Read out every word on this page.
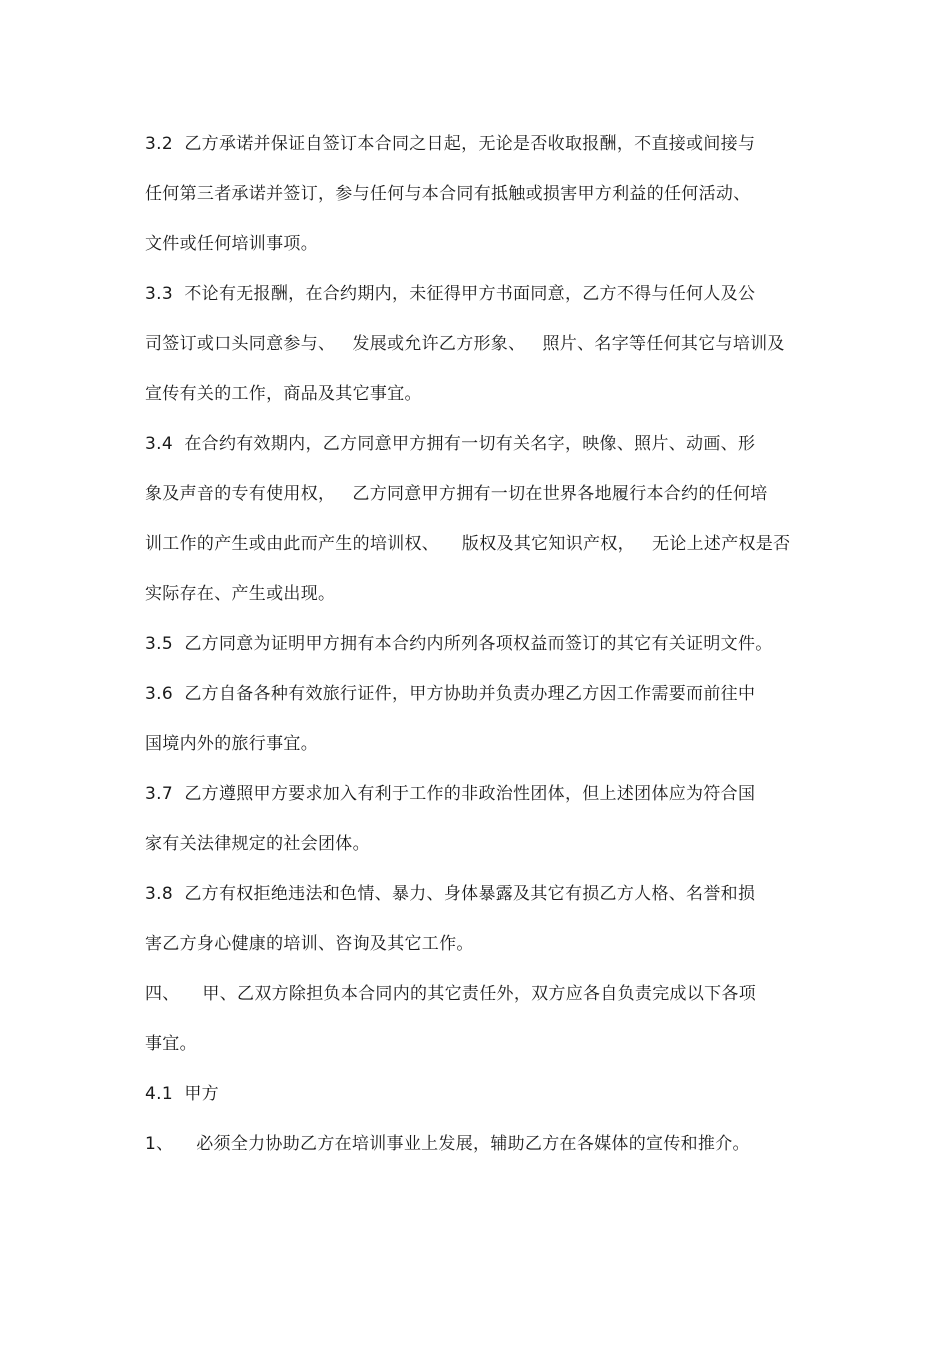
3.2  乙方承诺并保证自签订本合同之日起，无论是否收取报酬，不直接或间接与
任何第三者承诺并签订，参与任何与本合同有抵触或损害甲方利益的任何活动、
文件或任何培训事项。
3.3  不论有无报酬，在合约期内，未征得甲方书面同意，乙方不得与任何人及公
司签订或口头同意参与、   发展或允许乙方形象、   照片、名字等任何其它与培训及
宣传有关的工作，商品及其它事宜。
3.4  在合约有效期内，乙方同意甲方拥有一切有关名字，映像、照片、动画、形
象及声音的专有使用权，   乙方同意甲方拥有一切在世界各地履行本合约的任何培
训工作的产生或由此而产生的培训权、    版权及其它知识产权，   无论上述产权是否
实际存在、产生或出现。
3.5  乙方同意为证明甲方拥有本合约内所列各项权益而签订的其它有关证明文件。
3.6  乙方自备各种有效旅行证件，甲方协助并负责办理乙方因工作需要而前往中
国境内外的旅行事宜。
3.7  乙方遵照甲方要求加入有利于工作的非政治性团体，但上述团体应为符合国
家有关法律规定的社会团体。
3.8  乙方有权拒绝违法和色情、暴力、身体暴露及其它有损乙方人格、名誉和损
害乙方身心健康的培训、咨询及其它工作。
四、    甲、乙双方除担负本合同内的其它责任外，双方应各自负责完成以下各项
事宜。
4.1  甲方
1、    必须全力协助乙方在培训事业上发展，辅助乙方在各媒体的宣传和推介。
